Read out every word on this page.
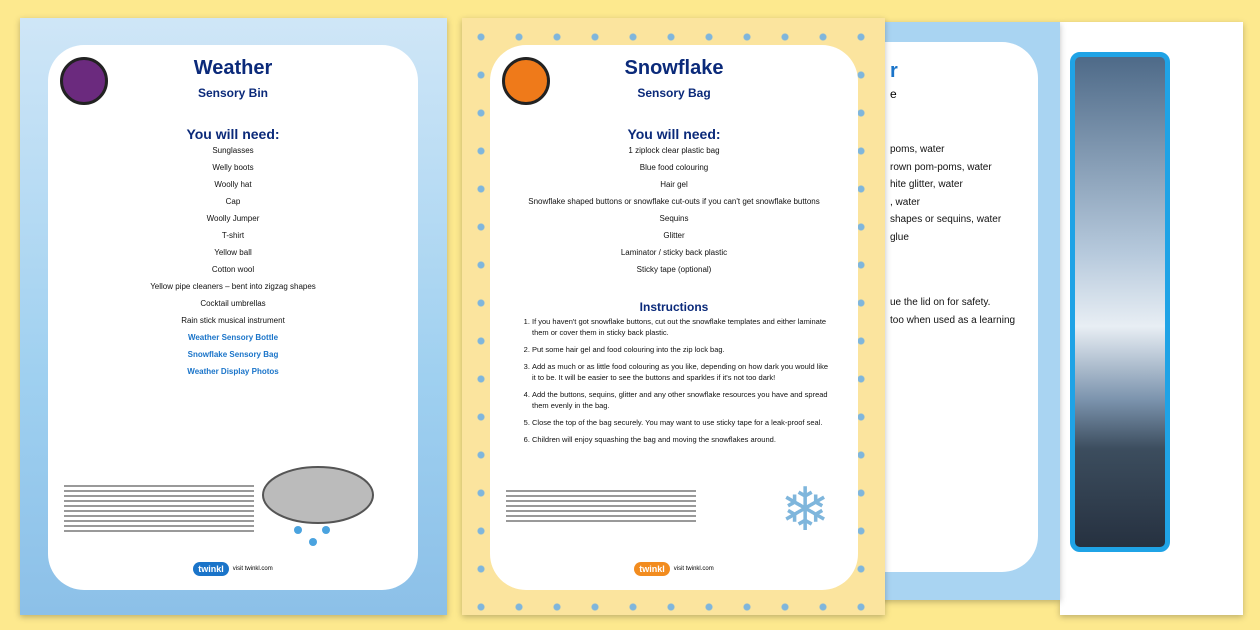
Weather
Sensory Bin
You will need:
Sunglasses
Welly boots
Woolly hat
Cap
Woolly Jumper
T-shirt
Yellow ball
Cotton wool
Yellow pipe cleaners – bent into zigzag shapes
Cocktail umbrellas
Rain stick musical instrument
Weather Sensory Bottle
Snowflake Sensory Bag
Weather Display Photos
twinkl	visit twinkl.com
Snowflake
Sensory Bag
You will need:
1 ziplock clear plastic bag
Blue food colouring
Hair gel
Snowflake shaped buttons or snowflake cut-outs if you can't get snowflake buttons
Sequins
Glitter
Laminator / sticky back plastic
Sticky tape (optional)
Instructions
1. If you haven't got snowflake buttons, cut out the snowflake templates and either laminate them or cover them in sticky back plastic.
2. Put some hair gel and food colouring into the zip lock bag.
3. Add as much or as little food colouring as you like, depending on how dark you would like it to be. It will be easier to see the buttons and sparkles if it's not too dark!
4. Add the buttons, sequins, glitter and any other snowflake resources you have and spread them evenly in the bag.
5. Close the top of the bag securely. You may want to use sticky tape for a leak-proof seal.
6. Children will enjoy squashing the bag and moving the snowflakes around.
❄
twinkl	visit twinkl.com
r
e
poms, water
rown pom-poms, water
hite glitter, water
, water
shapes or sequins, water
glue
ue the lid on for safety.
too when used as a learning
